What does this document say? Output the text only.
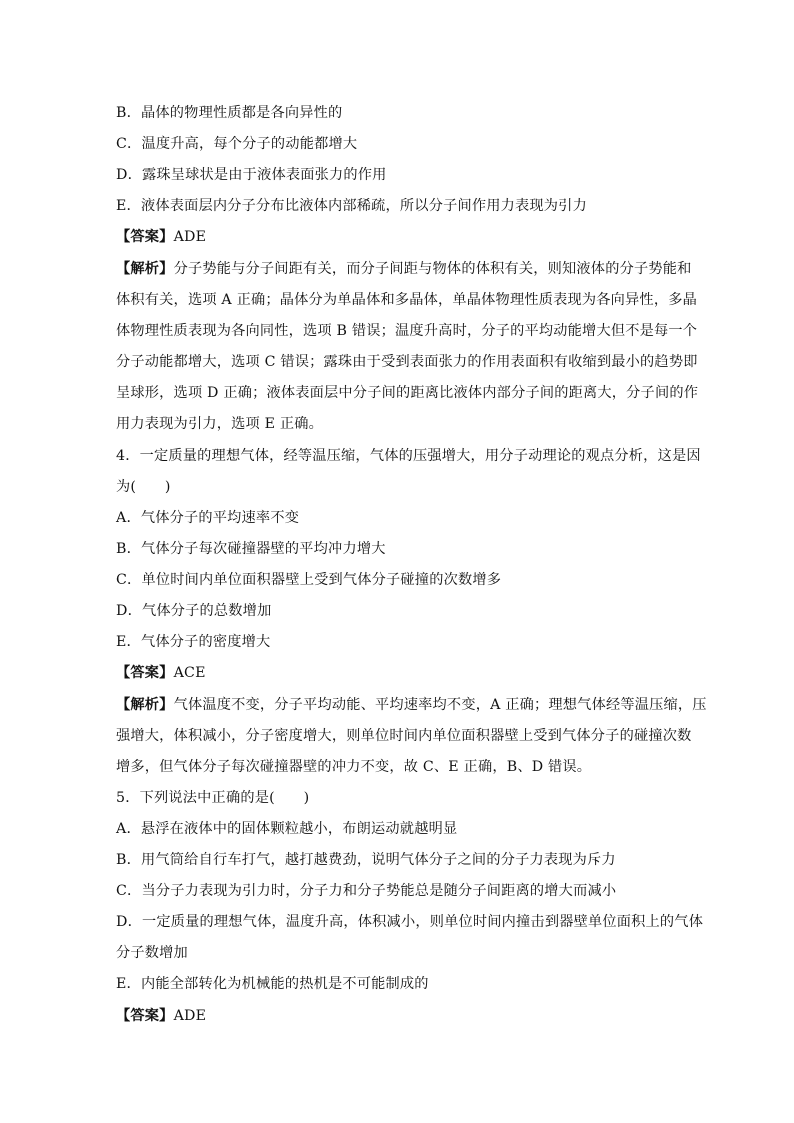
B．晶体的物理性质都是各向异性的
C．温度升高，每个分子的动能都增大
D．露珠呈球状是由于液体表面张力的作用
E．液体表面层内分子分布比液体内部稀疏，所以分子间作用力表现为引力
【答案】ADE
【解析】分子势能与分子间距有关，而分子间距与物体的体积有关，则知液体的分子势能和
体积有关，选项 A 正确；晶体分为单晶体和多晶体，单晶体物理性质表现为各向异性，多晶
体物理性质表现为各向同性，选项 B 错误；温度升高时，分子的平均动能增大但不是每一个
分子动能都增大，选项 C 错误；露珠由于受到表面张力的作用表面积有收缩到最小的趋势即
呈球形，选项 D 正确；液体表面层中分子间的距离比液体内部分子间的距离大，分子间的作
用力表现为引力，选项 E 正确。
4．一定质量的理想气体，经等温压缩，气体的压强增大，用分子动理论的观点分析，这是因
为(　　)
A．气体分子的平均速率不变
B．气体分子每次碰撞器壁的平均冲力增大
C．单位时间内单位面积器壁上受到气体分子碰撞的次数增多
D．气体分子的总数增加
E．气体分子的密度增大
【答案】ACE
【解析】气体温度不变，分子平均动能、平均速率均不变，A 正确；理想气体经等温压缩，压
强增大，体积减小，分子密度增大，则单位时间内单位面积器壁上受到气体分子的碰撞次数
增多，但气体分子每次碰撞器壁的冲力不变，故 C、E 正确，B、D 错误。
5．下列说法中正确的是(　　)
A．悬浮在液体中的固体颗粒越小，布朗运动就越明显
B．用气筒给自行车打气，越打越费劲，说明气体分子之间的分子力表现为斥力
C．当分子力表现为引力时，分子力和分子势能总是随分子间距离的增大而减小
D．一定质量的理想气体，温度升高，体积减小，则单位时间内撞击到器壁单位面积上的气体
分子数增加
E．内能全部转化为机械能的热机是不可能制成的
【答案】ADE
